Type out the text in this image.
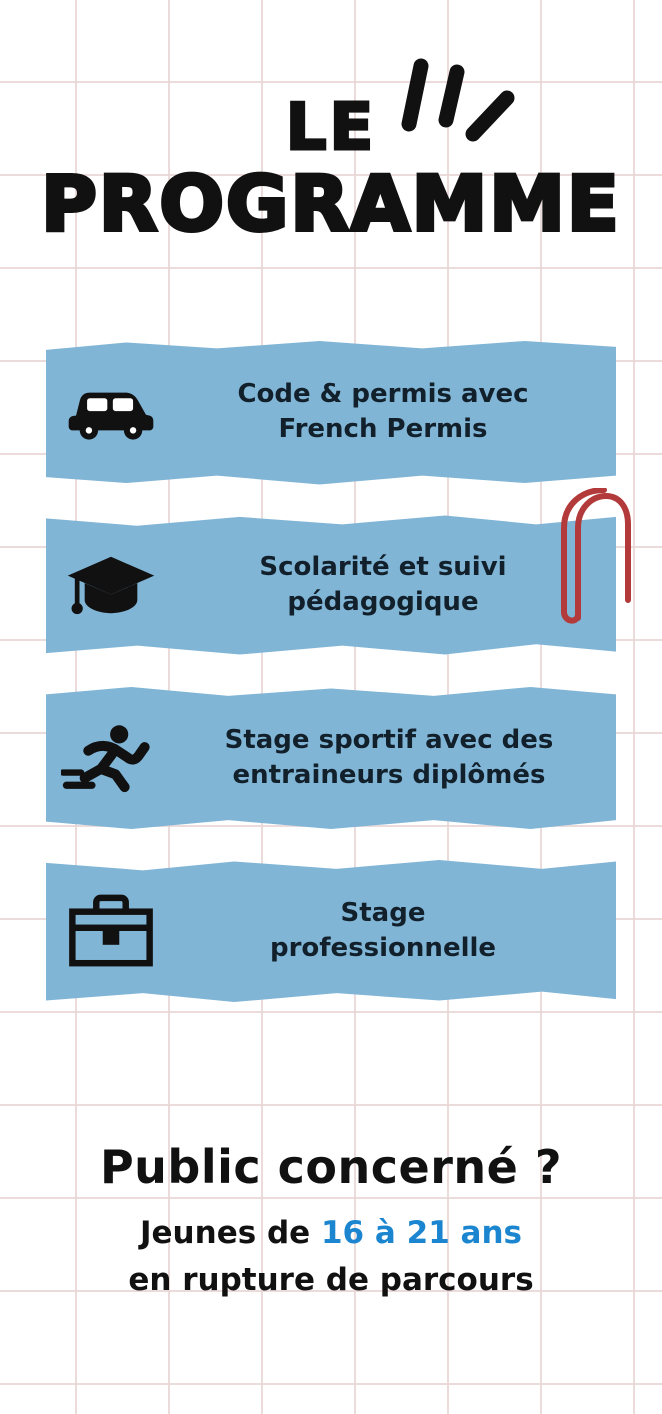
LE
PROGRAMME
Code & permis avec
French Permis
Scolarité et suivi
pédagogique
Stage sportif avec des
entraineurs diplômés
Stage
professionnelle
Public concerné ?
Jeunes de 16 à 21 ans
en rupture de parcours
